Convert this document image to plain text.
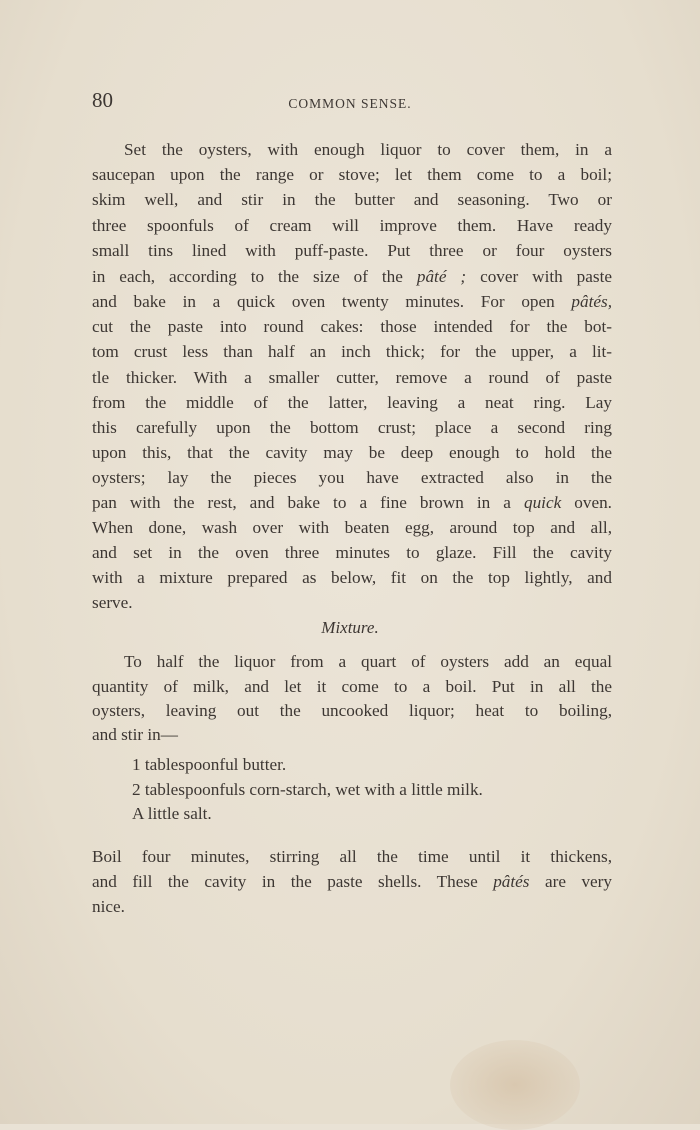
80	COMMON SENSE.
Mixture.
Set the oysters, with enough liquor to cover them, in a
saucepan upon the range or stove; let them come to a boil;
skim well, and stir in the butter and seasoning. Two or
three spoonfuls of cream will improve them. Have ready
small tins lined with puff-paste. Put three or four oysters
in each, according to the size of the pâté ; cover with paste
and bake in a quick oven twenty minutes. For open pâtés,
cut the paste into round cakes: those intended for the bot-
tom crust less than half an inch thick; for the upper, a lit-
tle thicker. With a smaller cutter, remove a round of paste
from the middle of the latter, leaving a neat ring. Lay
this carefully upon the bottom crust; place a second ring
upon this, that the cavity may be deep enough to hold the
oysters; lay the pieces you have extracted also in the
pan with the rest, and bake to a fine brown in a quick oven.
When done, wash over with beaten egg, around top and all,
and set in the oven three minutes to glaze. Fill the cavity
with a mixture prepared as below, fit on the top lightly, and
serve.
To half the liquor from a quart of oysters add an equal
quantity of milk, and let it come to a boil. Put in all the
oysters, leaving out the uncooked liquor; heat to boiling,
and stir in—
1 tablespoonful butter.
2 tablespoonfuls corn-starch, wet with a little milk.
A little salt.
Boil four minutes, stirring all the time until it thickens,
and fill the cavity in the paste shells. These pâtés are very
nice.
